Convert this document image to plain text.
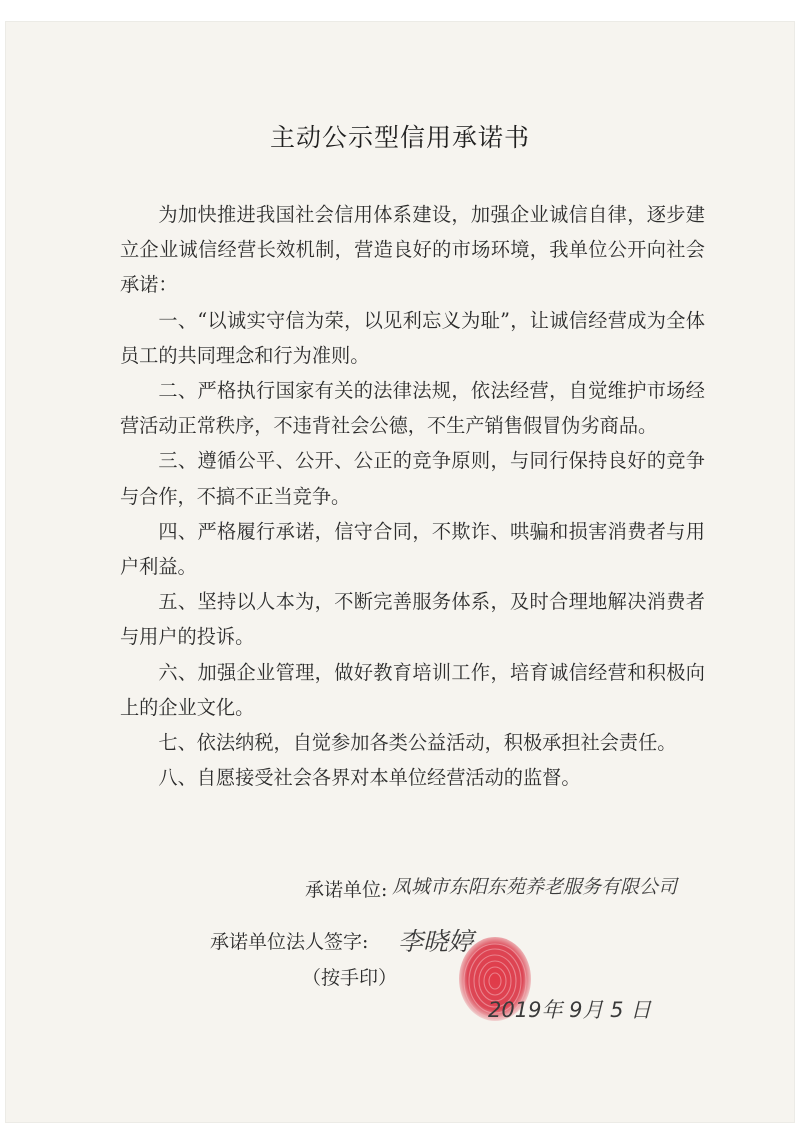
主动公示型信用承诺书

为加快推进我国社会信用体系建设，加强企业诚信自律，逐步建立企业诚信经营长效机制，营造良好的市场环境，我单位公开向社会承诺：

一、“以诚实守信为荣，以见利忘义为耻”，让诚信经营成为全体员工的共同理念和行为准则。

二、严格执行国家有关的法律法规，依法经营，自觉维护市场经营活动正常秩序，不违背社会公德，不生产销售假冒伪劣商品。

三、遵循公平、公开、公正的竞争原则，与同行保持良好的竞争与合作，不搞不正当竞争。

四、严格履行承诺，信守合同，不欺诈、哄骗和损害消费者与用户利益。

五、坚持以人本为，不断完善服务体系，及时合理地解决消费者与用户的投诉。

六、加强企业管理，做好教育培训工作，培育诚信经营和积极向上的企业文化。

七、依法纳税，自觉参加各类公益活动，积极承担社会责任。

八、自愿接受社会各界对本单位经营活动的监督。

承诺单位: 凤城市东阳东苑养老服务有限公司
承诺单位法人签字: 李晓婷
（按手印）
2019年 9月 5 日
